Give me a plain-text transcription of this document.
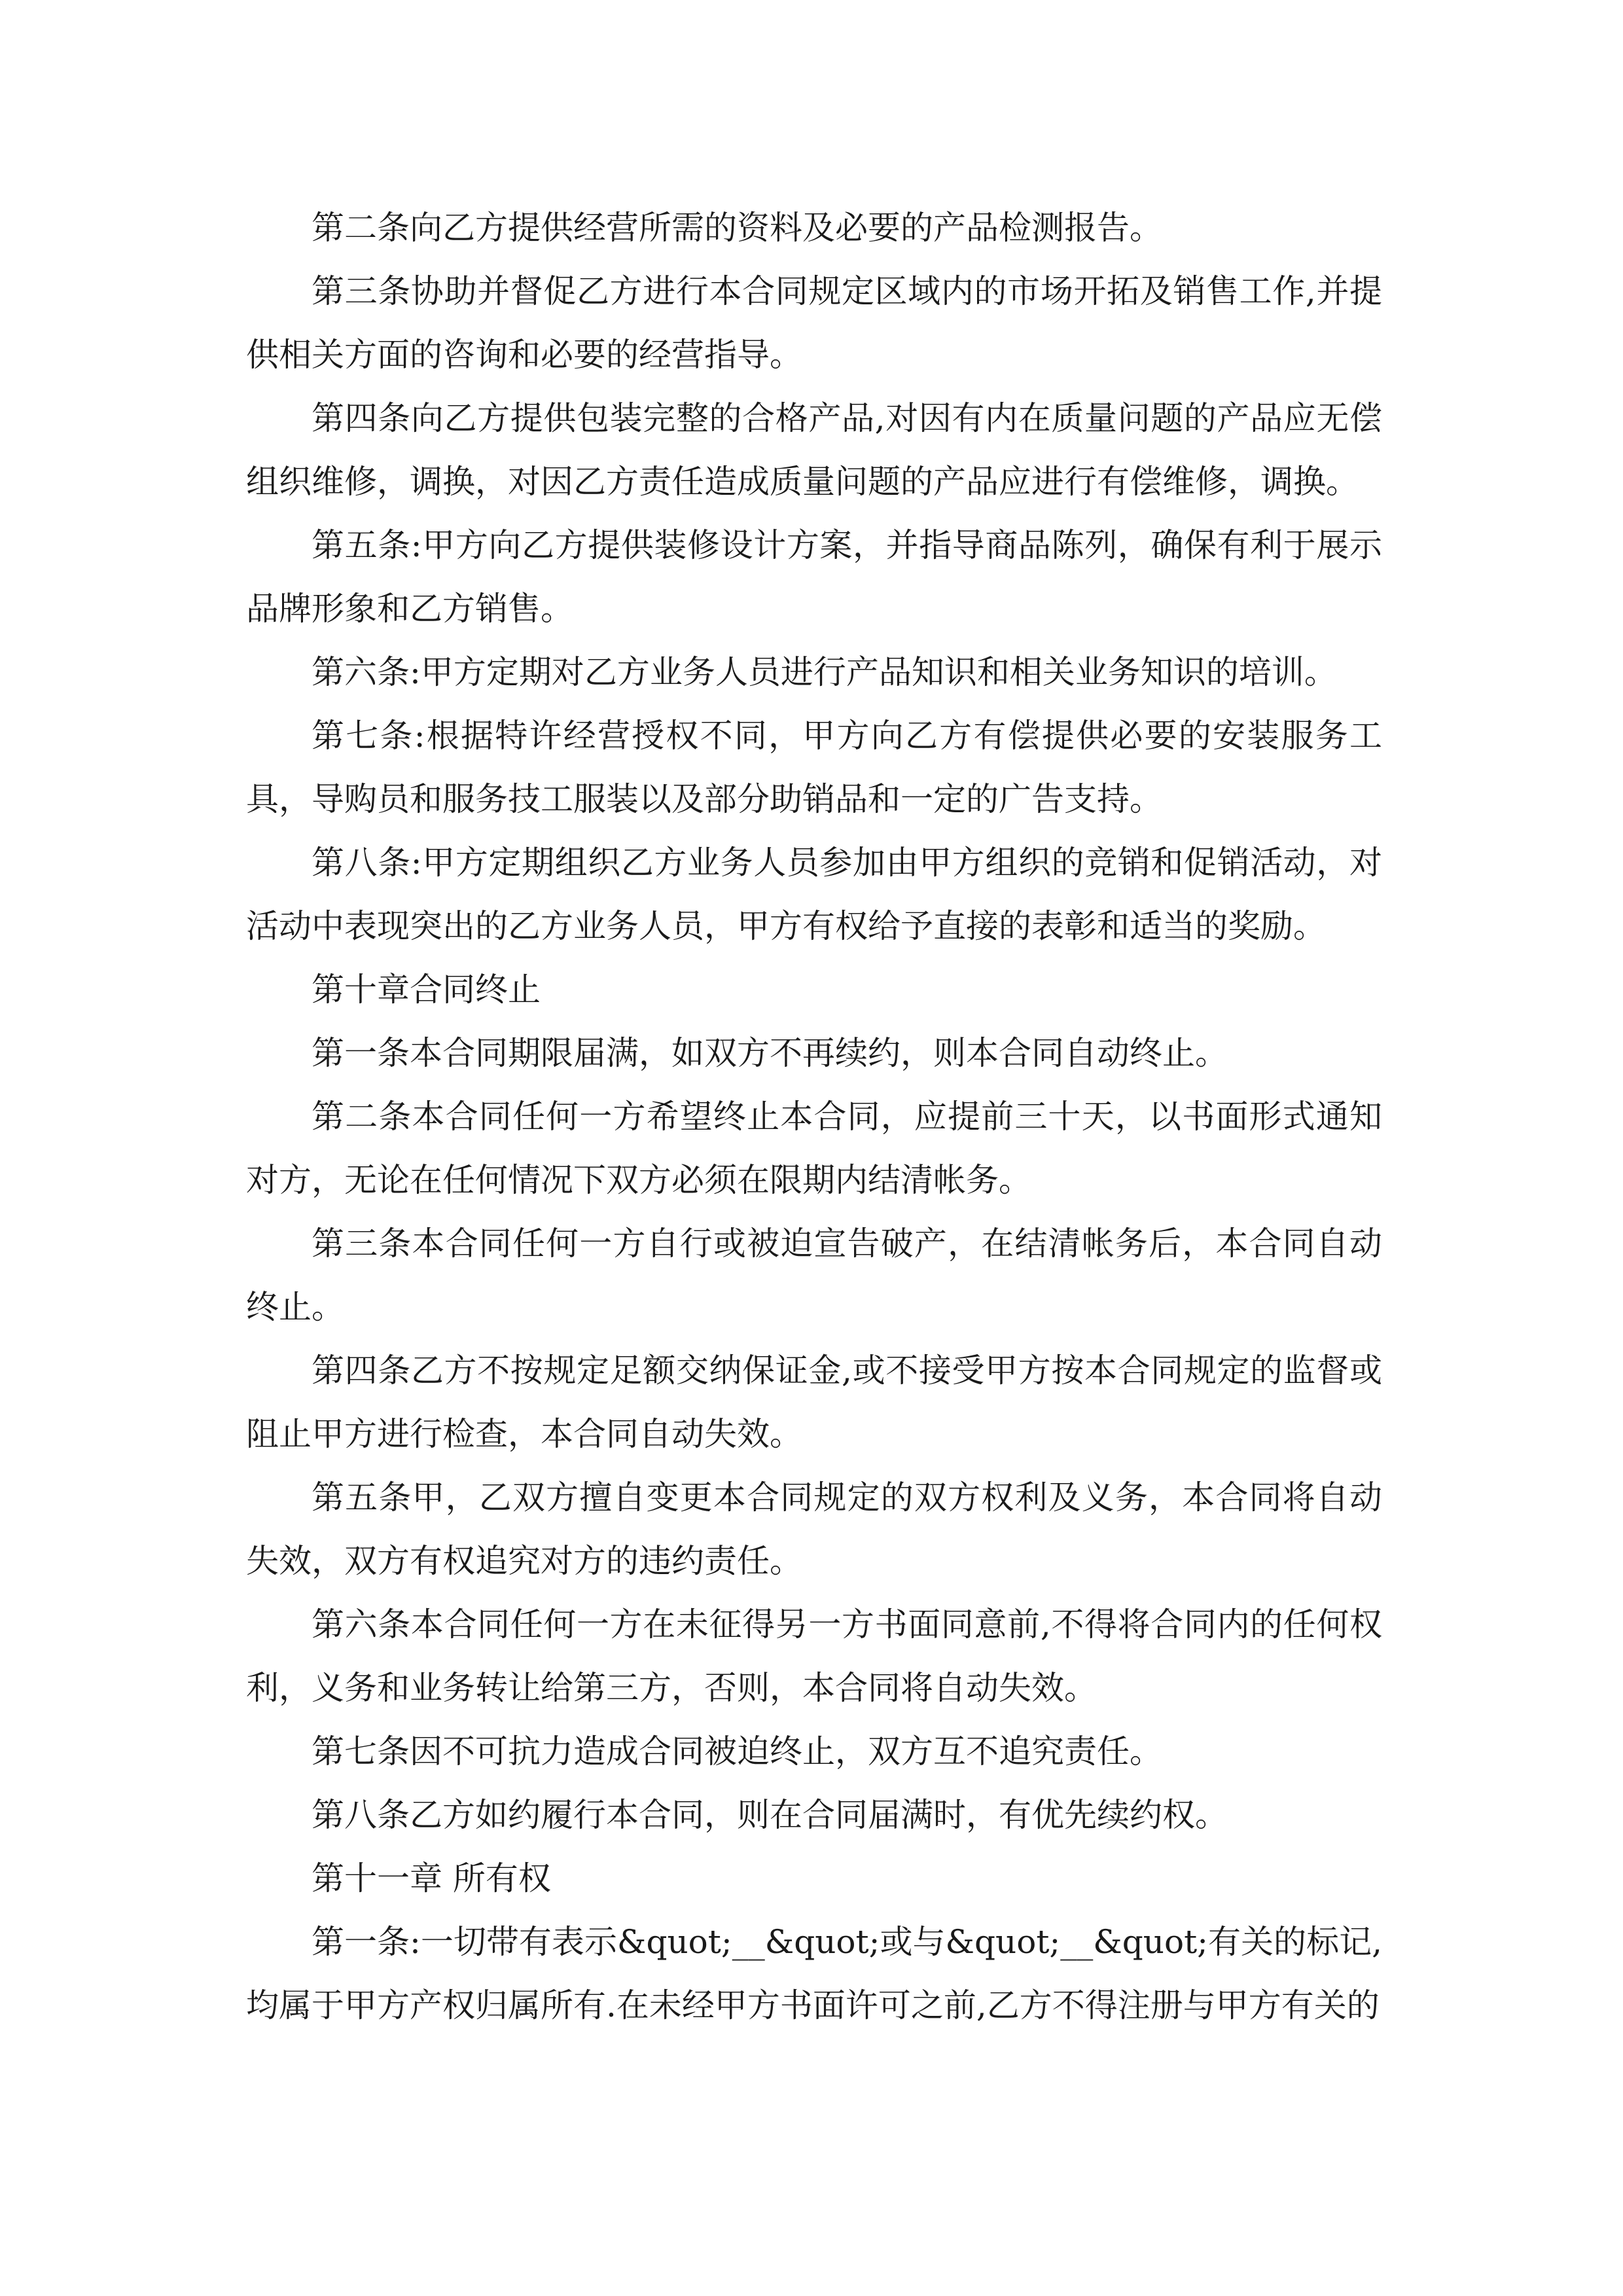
第二条向乙方提供经营所需的资料及必要的产品检测报告。

第三条协助并督促乙方进行本合同规定区域内的市场开拓及销售工作,并提供相关方面的咨询和必要的经营指导。

第四条向乙方提供包装完整的合格产品,对因有内在质量问题的产品应无偿组织维修，调换，对因乙方责任造成质量问题的产品应进行有偿维修，调换。

第五条:甲方向乙方提供装修设计方案，并指导商品陈列，确保有利于展示品牌形象和乙方销售。

第六条:甲方定期对乙方业务人员进行产品知识和相关业务知识的培训。

第七条:根据特许经营授权不同，甲方向乙方有偿提供必要的安装服务工具，导购员和服务技工服装以及部分助销品和一定的广告支持。

第八条:甲方定期组织乙方业务人员参加由甲方组织的竞销和促销活动，对活动中表现突出的乙方业务人员，甲方有权给予直接的表彰和适当的奖励。

第十章合同终止

第一条本合同期限届满，如双方不再续约，则本合同自动终止。

第二条本合同任何一方希望终止本合同，应提前三十天，以书面形式通知对方，无论在任何情况下双方必须在限期内结清帐务。

第三条本合同任何一方自行或被迫宣告破产，在结清帐务后，本合同自动终止。

第四条乙方不按规定足额交纳保证金,或不接受甲方按本合同规定的监督或阻止甲方进行检查，本合同自动失效。

第五条甲，乙双方擅自变更本合同规定的双方权利及义务，本合同将自动失效，双方有权追究对方的违约责任。

第六条本合同任何一方在未征得另一方书面同意前,不得将合同内的任何权利，义务和业务转让给第三方，否则，本合同将自动失效。

第七条因不可抗力造成合同被迫终止，双方互不追究责任。

第八条乙方如约履行本合同，则在合同届满时，有优先续约权。

第十一章 所有权

第一条:一切带有表示&quot;__&quot;或与&quot;__&quot;有关的标记,均属于甲方产权归属所有.在未经甲方书面许可之前,乙方不得注册与甲方有关的
